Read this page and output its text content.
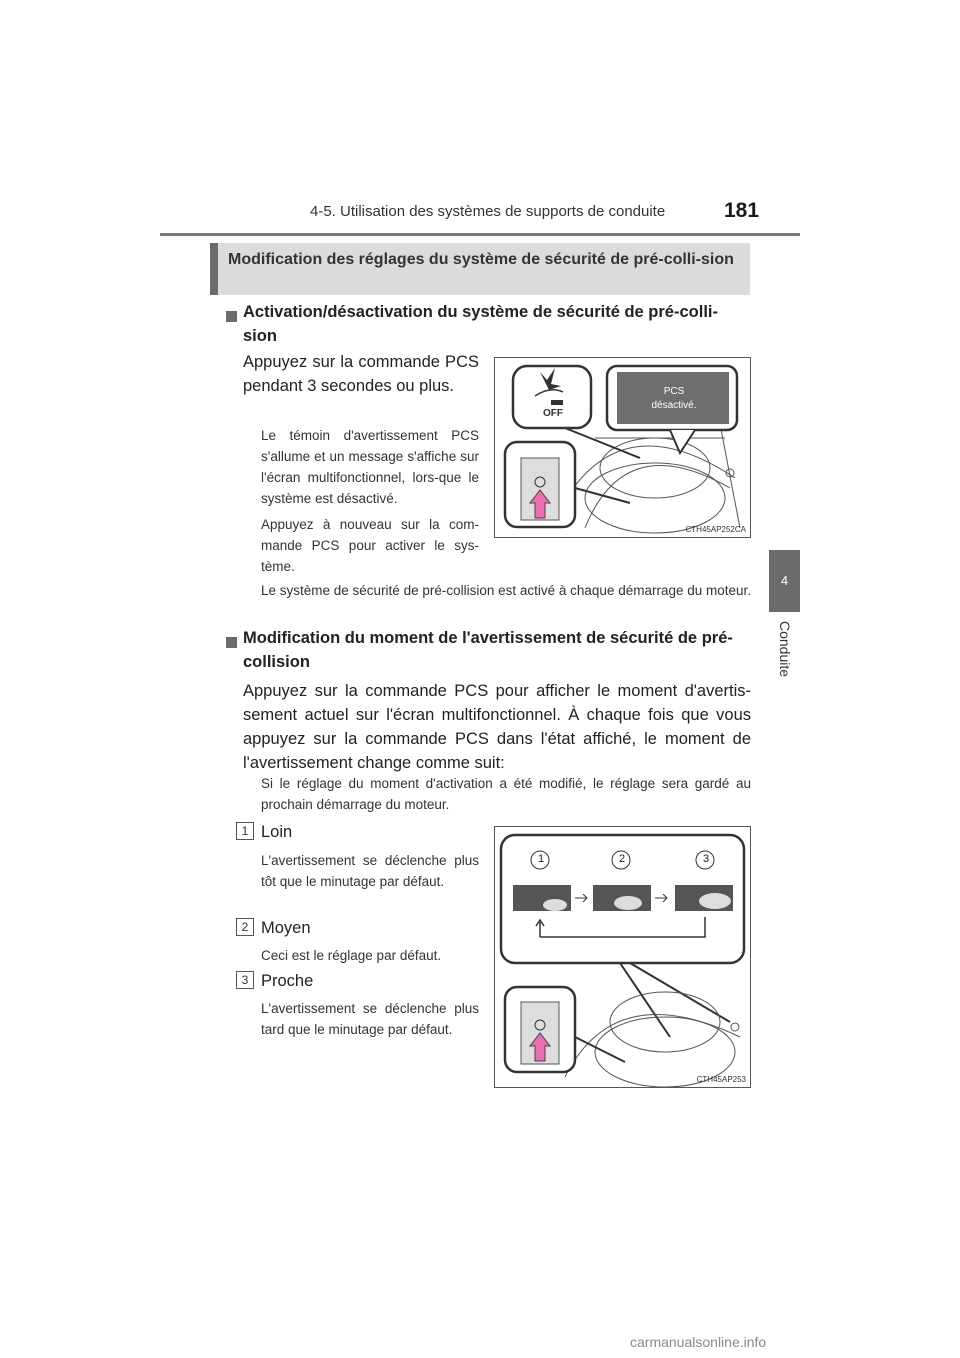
4-5. Utilisation des systèmes de supports de conduite	181
4
Conduite
Modification des réglages du système de sécurité de pré-colli-sion
Activation/désactivation du système de sécurité de pré-colli-sion
Appuyez sur la commande PCS pendant 3 secondes ou plus.
Le témoin d'avertissement PCS s'allume et un message s'affiche sur l'écran multifonctionnel, lors-que le système est désactivé.
Appuyez à nouveau sur la com-mande PCS pour activer le sys-tème.
Le système de sécurité de pré-collision est activé à chaque démarrage du moteur.
PCS
désactivé.
OFF
CTH45AP252CA
Modification du moment de l'avertissement de sécurité de pré-collision
Appuyez sur la commande PCS pour afficher le moment d'avertis-sement actuel sur l'écran multifonctionnel. À chaque fois que vous appuyez sur la commande PCS dans l'état affiché, le moment de l'avertissement change comme suit:
Si le réglage du moment d'activation a été modifié, le réglage sera gardé au prochain démarrage du moteur.
1 Loin
L'avertissement se déclenche plus tôt que le minutage par défaut.
2 Moyen
Ceci est le réglage par défaut.
3 Proche
L'avertissement se déclenche plus tard que le minutage par défaut.
1	2	3
CTH45AP253
carmanualsonline.info
